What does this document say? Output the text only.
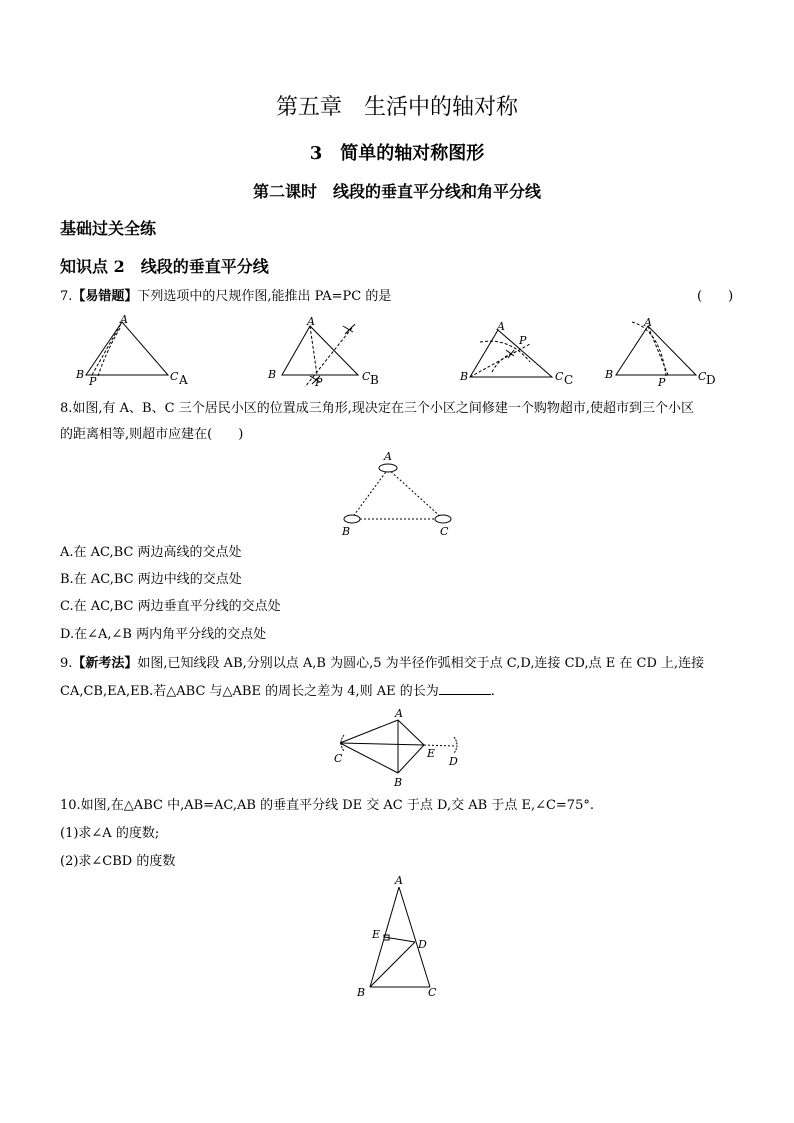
第五章　生活中的轴对称
3　简单的轴对称图形
第二课时　线段的垂直平分线和角平分线
基础过关全练
知识点 2　线段的垂直平分线
7.【易错题】下列选项中的尺规作图,能推出 PA=PC 的是	(　　)
A
B	C
P
A
B	C
P
A
B	C
P
A
B	C
P
A	B	C	D
8.如图,有 A、B、C 三个居民小区的位置成三角形,现决定在三个小区之间修建一个购物超市,使超市到三个小区
的距离相等,则超市应建在(　　)
A
B	C
A.在 AC,BC 两边高线的交点处
B.在 AC,BC 两边中线的交点处
C.在 AC,BC 两边垂直平分线的交点处
D.在∠A,∠B 两内角平分线的交点处
9.【新考法】如图,已知线段 AB,分别以点 A,B 为圆心,5 为半径作弧相交于点 C,D,连接 CD,点 E 在 CD 上,连接
CA,CB,EA,EB.若△ABC 与△ABE 的周长之差为 4,则 AE 的长为	.
A
C
B
E
D
10.如图,在△ABC 中,AB=AC,AB 的垂直平分线 DE 交 AC 于点 D,交 AB 于点 E,∠C=75°.
(1)求∠A 的度数;
(2)求∠CBD 的度数
A
B	C
D
E
